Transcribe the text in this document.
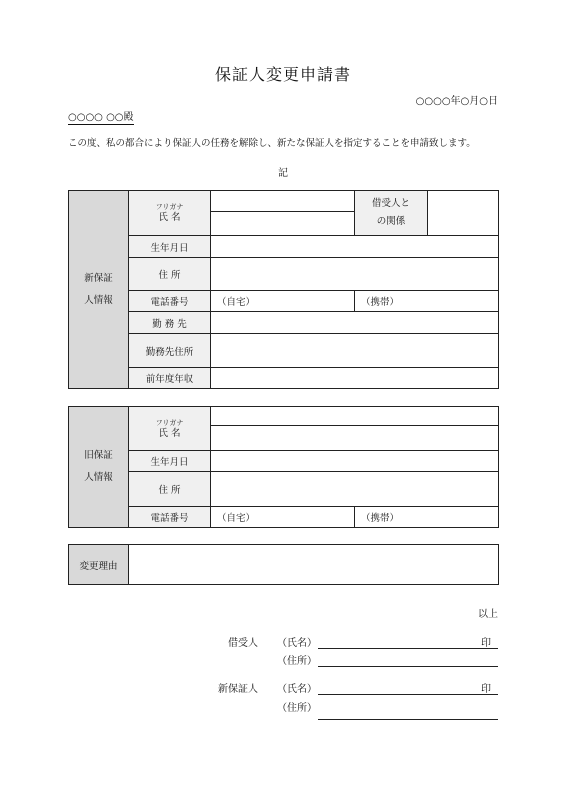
保証人変更申請書
○○○○年○月○日
○○○○ ○○殿
この度、私の都合により保証人の任務を解除し、新たな保証人を指定することを申請致します。
記
新保証人情報	フリガナ
氏 名		借受人との関係	

	生年月日			
	住 所			
	電話番号	（自宅）	（携帯）	
	勤 務 先			
	勤務先住所			
	前年度年収			
旧保証人情報	フリガナ
氏 名		

	生年月日		
	住 所		
	電話番号	（自宅）	（携帯）
変更理由	
以上
借受人 （氏名）	印
（住所）
新保証人 （氏名）	印
（住所）
